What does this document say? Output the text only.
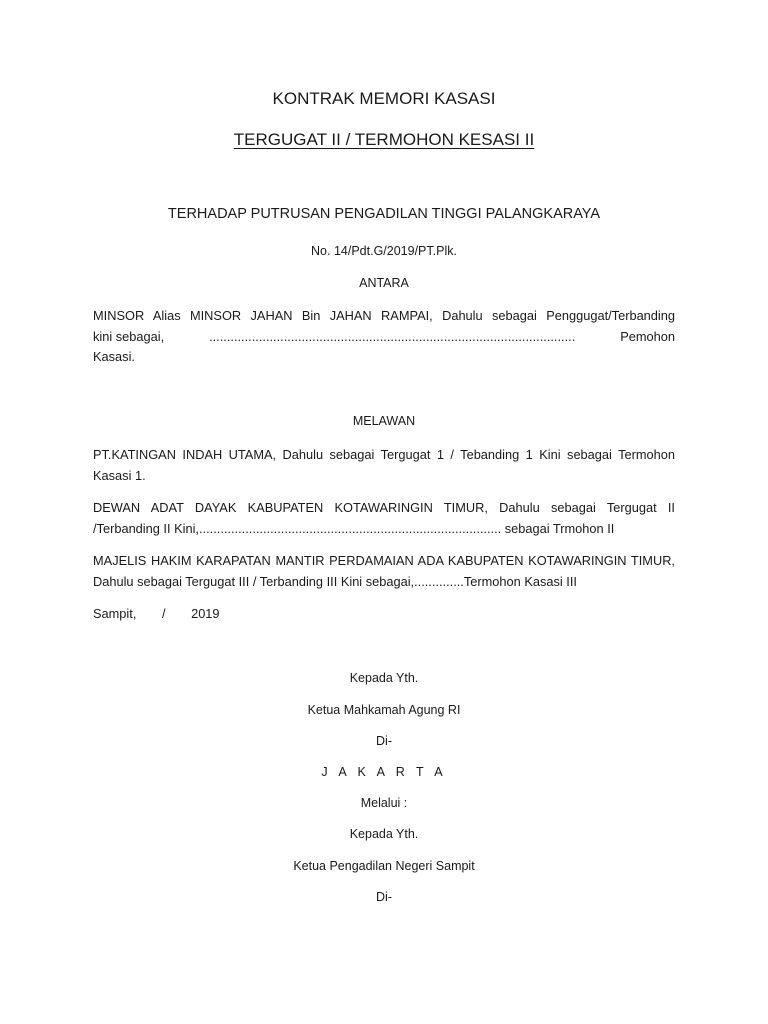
KONTRAK MEMORI KASASI
TERGUGAT II / TERMOHON KESASI II
TERHADAP PUTRUSAN PENGADILAN TINGGI PALANGKARAYA
No. 14/Pdt.G/2019/PT.Plk.
ANTARA
MINSOR Alias MINSOR JAHAN Bin JAHAN RAMPAI, Dahulu sebagai Penggugat/Terbanding
kini sebagai,	.......................................................................................................	Pemohon
Kasasi.
MELAWAN
PT.KATINGAN INDAH UTAMA, Dahulu sebagai Tergugat 1 / Tebanding 1 Kini sebagai Termohon Kasasi 1.
DEWAN ADAT DAYAK KABUPATEN KOTAWARINGIN TIMUR, Dahulu sebagai Tergugat II /Terbanding II Kini,..................................................................................... sebagai Trmohon II
MAJELIS HAKIM KARAPATAN MANTIR PERDAMAIAN ADA KABUPATEN KOTAWARINGIN TIMUR, Dahulu sebagai Tergugat III / Terbanding III Kini sebagai,..............Termohon Kasasi III
Sampit, / 2019
Kepada Yth.
Ketua Mahkamah Agung RI
Di-
J A K A R T A
Melalui :
Kepada Yth.
Ketua Pengadilan Negeri Sampit
Di-
